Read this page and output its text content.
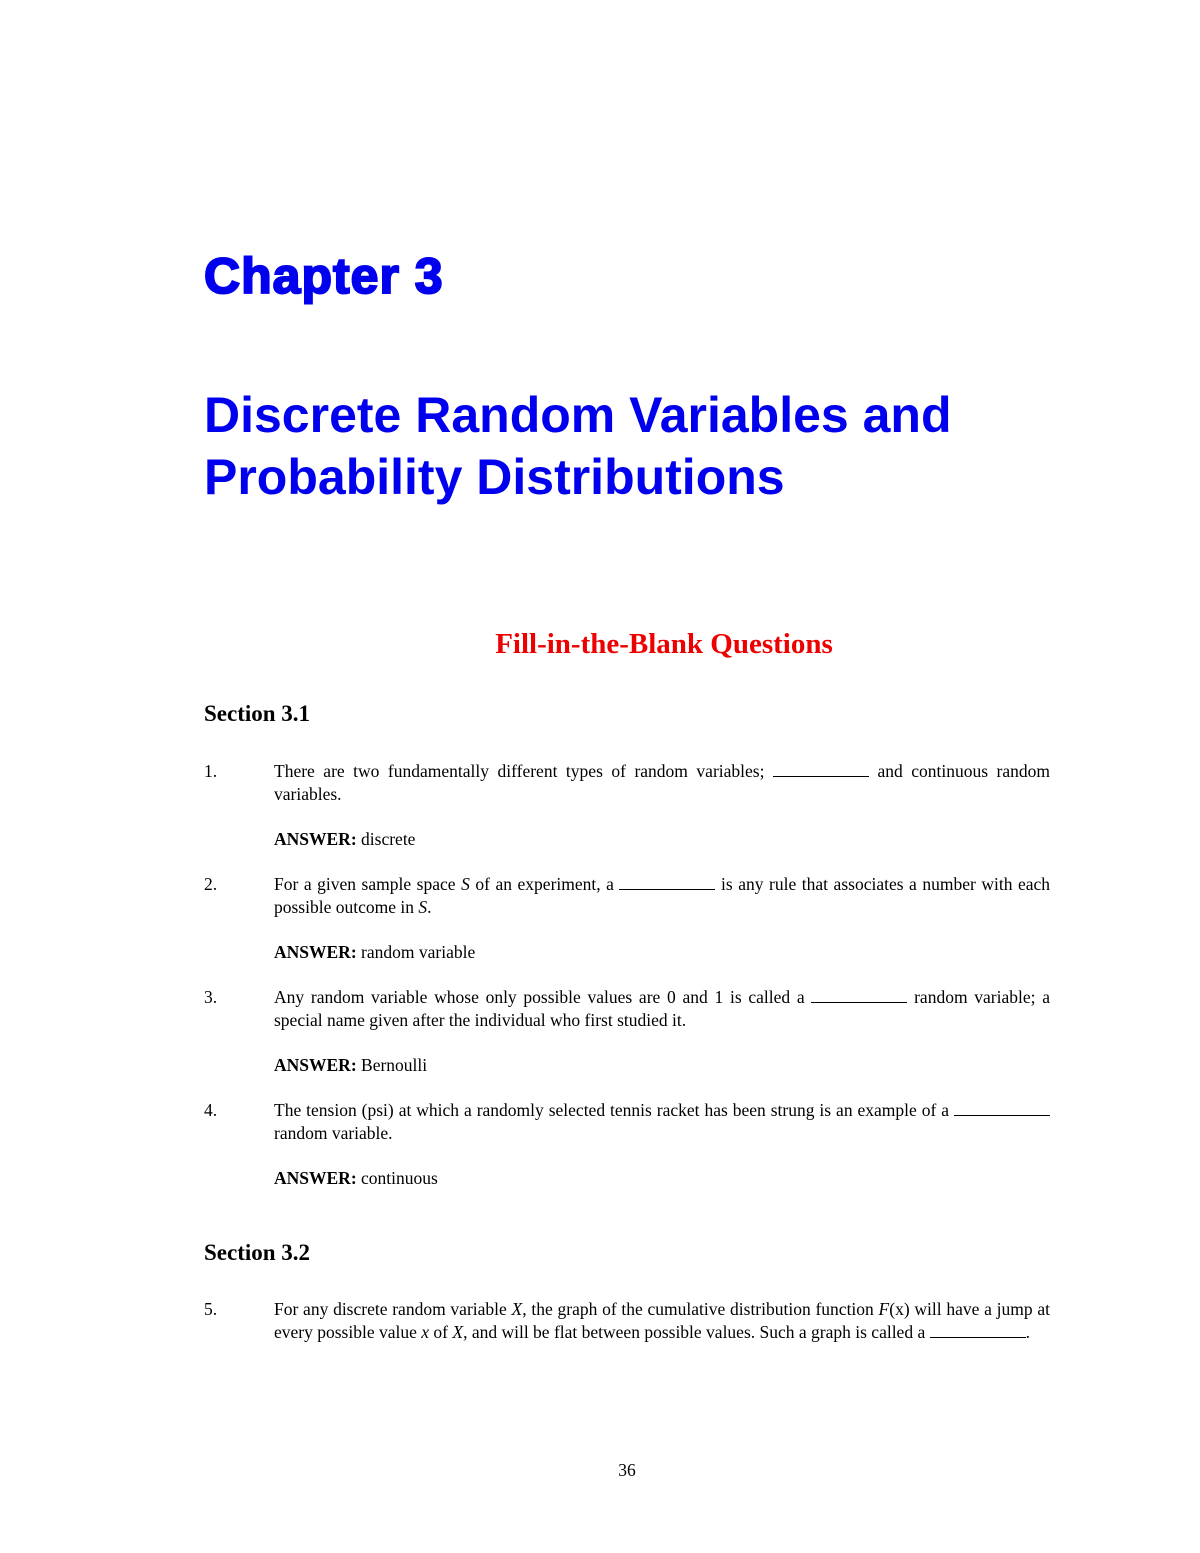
Chapter 3
Discrete Random Variables and
Probability Distributions
Fill-in-the-Blank Questions
Section 3.1
1.	There are two fundamentally different types of random variables;	and continuous random variables.
ANSWER: discrete
2.	For a given sample space S of an experiment, a	is any rule that associates a number with each possible outcome in S.
ANSWER: random variable
3.	Any random variable whose only possible values are 0 and 1 is called a	random variable; a special name given after the individual who first studied it.
ANSWER: Bernoulli
4.	The tension (psi) at which a randomly selected tennis racket has been strung is an example of a  random variable.
ANSWER: continuous
Section 3.2
5.	For any discrete random variable X, the graph of the cumulative distribution function F(x) will have a jump at every possible value x of X, and will be flat between possible values. Such a graph is called a	.

36
